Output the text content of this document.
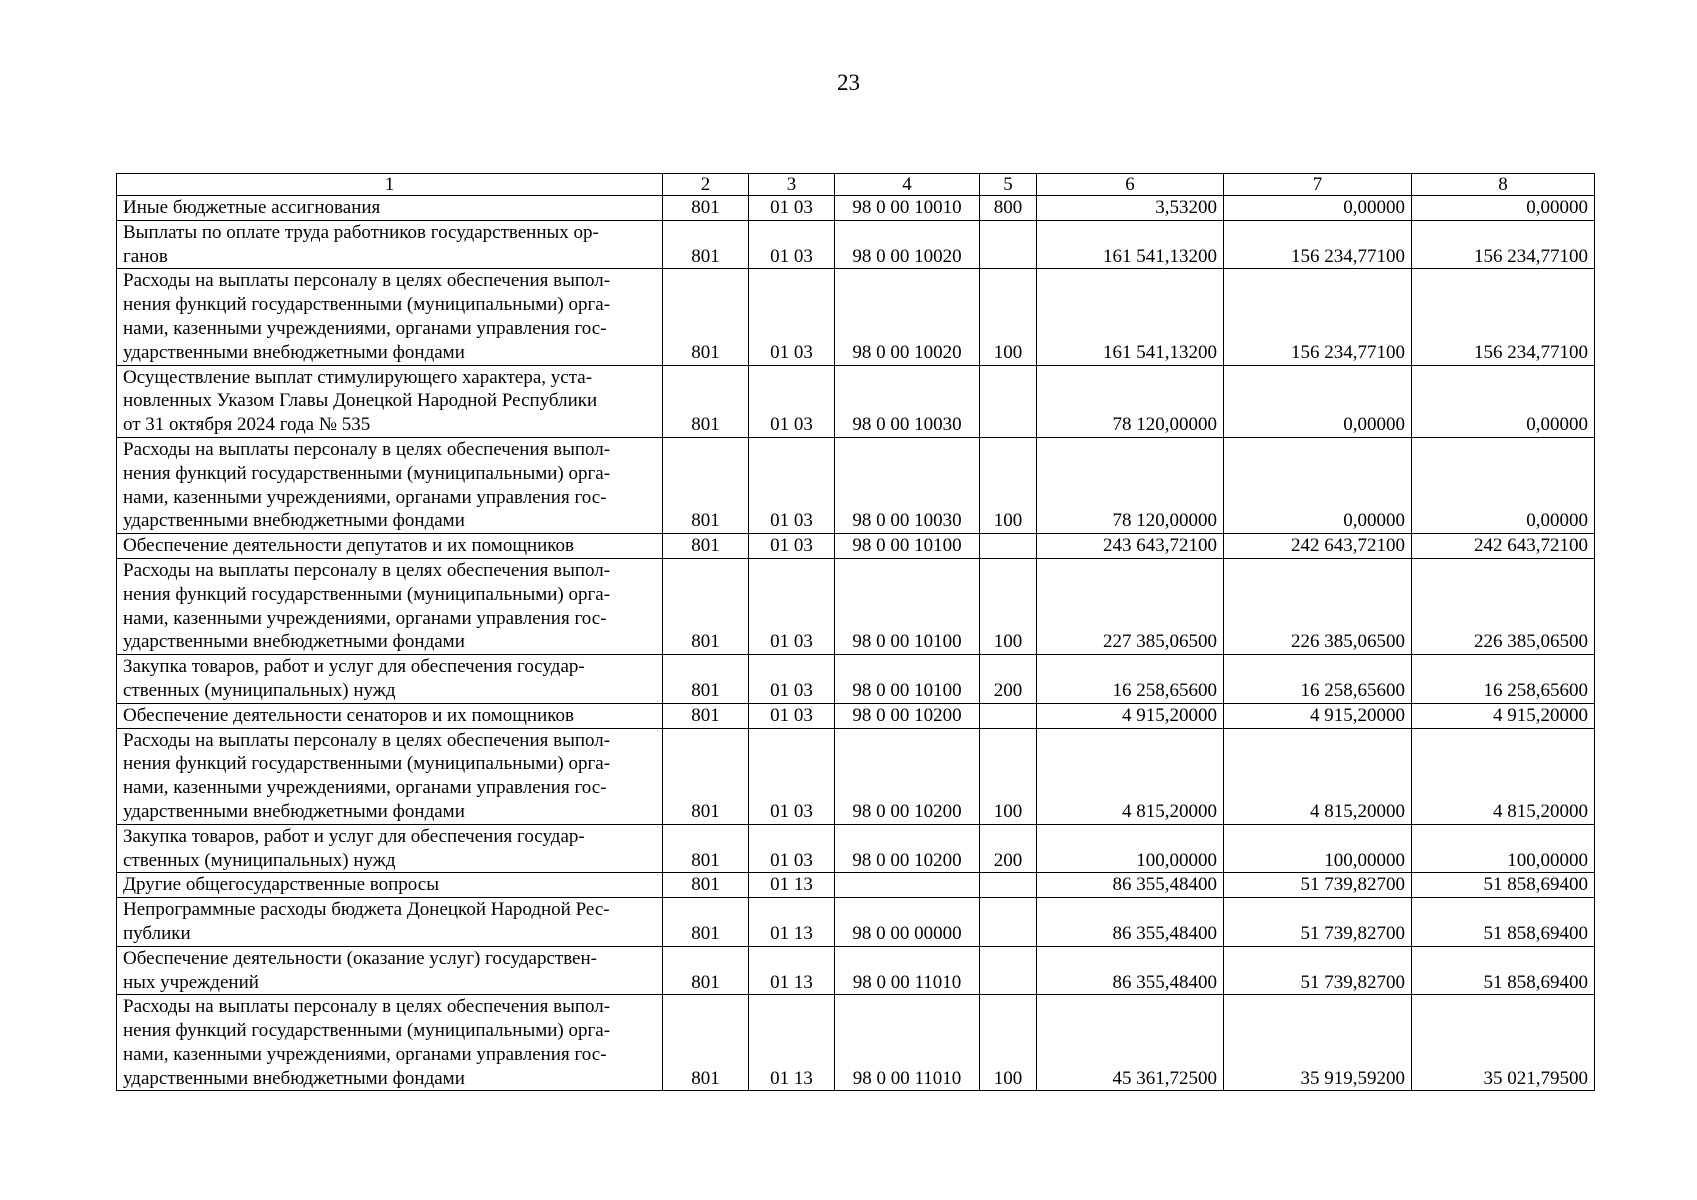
23
1	2	3	4	5	6	7	8

Иные бюджетные ассигнования	801	01 03	98 0 00 10010	800	3,53200	0,00000	0,00000

Выплаты по оплате труда работников государственных ор-
ганов	801	01 03	98 0 00 10020		161 541,13200	156 234,77100	156 234,77100

Расходы на выплаты персоналу в целях обеспечения выпол-
нения функций государственными (муниципальными) орга-
нами, казенными учреждениями, органами управления гос-
ударственными внебюджетными фондами	801	01 03	98 0 00 10020	100	161 541,13200	156 234,77100	156 234,77100

Осуществление выплат стимулирующего характера, уста-
новленных Указом Главы Донецкой Народной Республики
от 31 октября 2024 года № 535	801	01 03	98 0 00 10030		78 120,00000	0,00000	0,00000

Расходы на выплаты персоналу в целях обеспечения выпол-
нения функций государственными (муниципальными) орга-
нами, казенными учреждениями, органами управления гос-
ударственными внебюджетными фондами	801	01 03	98 0 00 10030	100	78 120,00000	0,00000	0,00000

Обеспечение деятельности депутатов и их помощников	801	01 03	98 0 00 10100		243 643,72100	242 643,72100	242 643,72100

Расходы на выплаты персоналу в целях обеспечения выпол-
нения функций государственными (муниципальными) орга-
нами, казенными учреждениями, органами управления гос-
ударственными внебюджетными фондами	801	01 03	98 0 00 10100	100	227 385,06500	226 385,06500	226 385,06500

Закупка товаров, работ и услуг для обеспечения государ-
ственных (муниципальных) нужд	801	01 03	98 0 00 10100	200	16 258,65600	16 258,65600	16 258,65600

Обеспечение деятельности сенаторов и их помощников	801	01 03	98 0 00 10200		4 915,20000	4 915,20000	4 915,20000

Расходы на выплаты персоналу в целях обеспечения выпол-
нения функций государственными (муниципальными) орга-
нами, казенными учреждениями, органами управления гос-
ударственными внебюджетными фондами	801	01 03	98 0 00 10200	100	4 815,20000	4 815,20000	4 815,20000

Закупка товаров, работ и услуг для обеспечения государ-
ственных (муниципальных) нужд	801	01 03	98 0 00 10200	200	100,00000	100,00000	100,00000

Другие общегосударственные вопросы	801	01 13			86 355,48400	51 739,82700	51 858,69400

Непрограммные расходы бюджета Донецкой Народной Рес-
публики	801	01 13	98 0 00 00000		86 355,48400	51 739,82700	51 858,69400

Обеспечение деятельности (оказание услуг) государствен-
ных учреждений	801	01 13	98 0 00 11010		86 355,48400	51 739,82700	51 858,69400

Расходы на выплаты персоналу в целях обеспечения выпол-
нения функций государственными (муниципальными) орга-
нами, казенными учреждениями, органами управления гос-
ударственными внебюджетными фондами	801	01 13	98 0 00 11010	100	45 361,72500	35 919,59200	35 021,79500
